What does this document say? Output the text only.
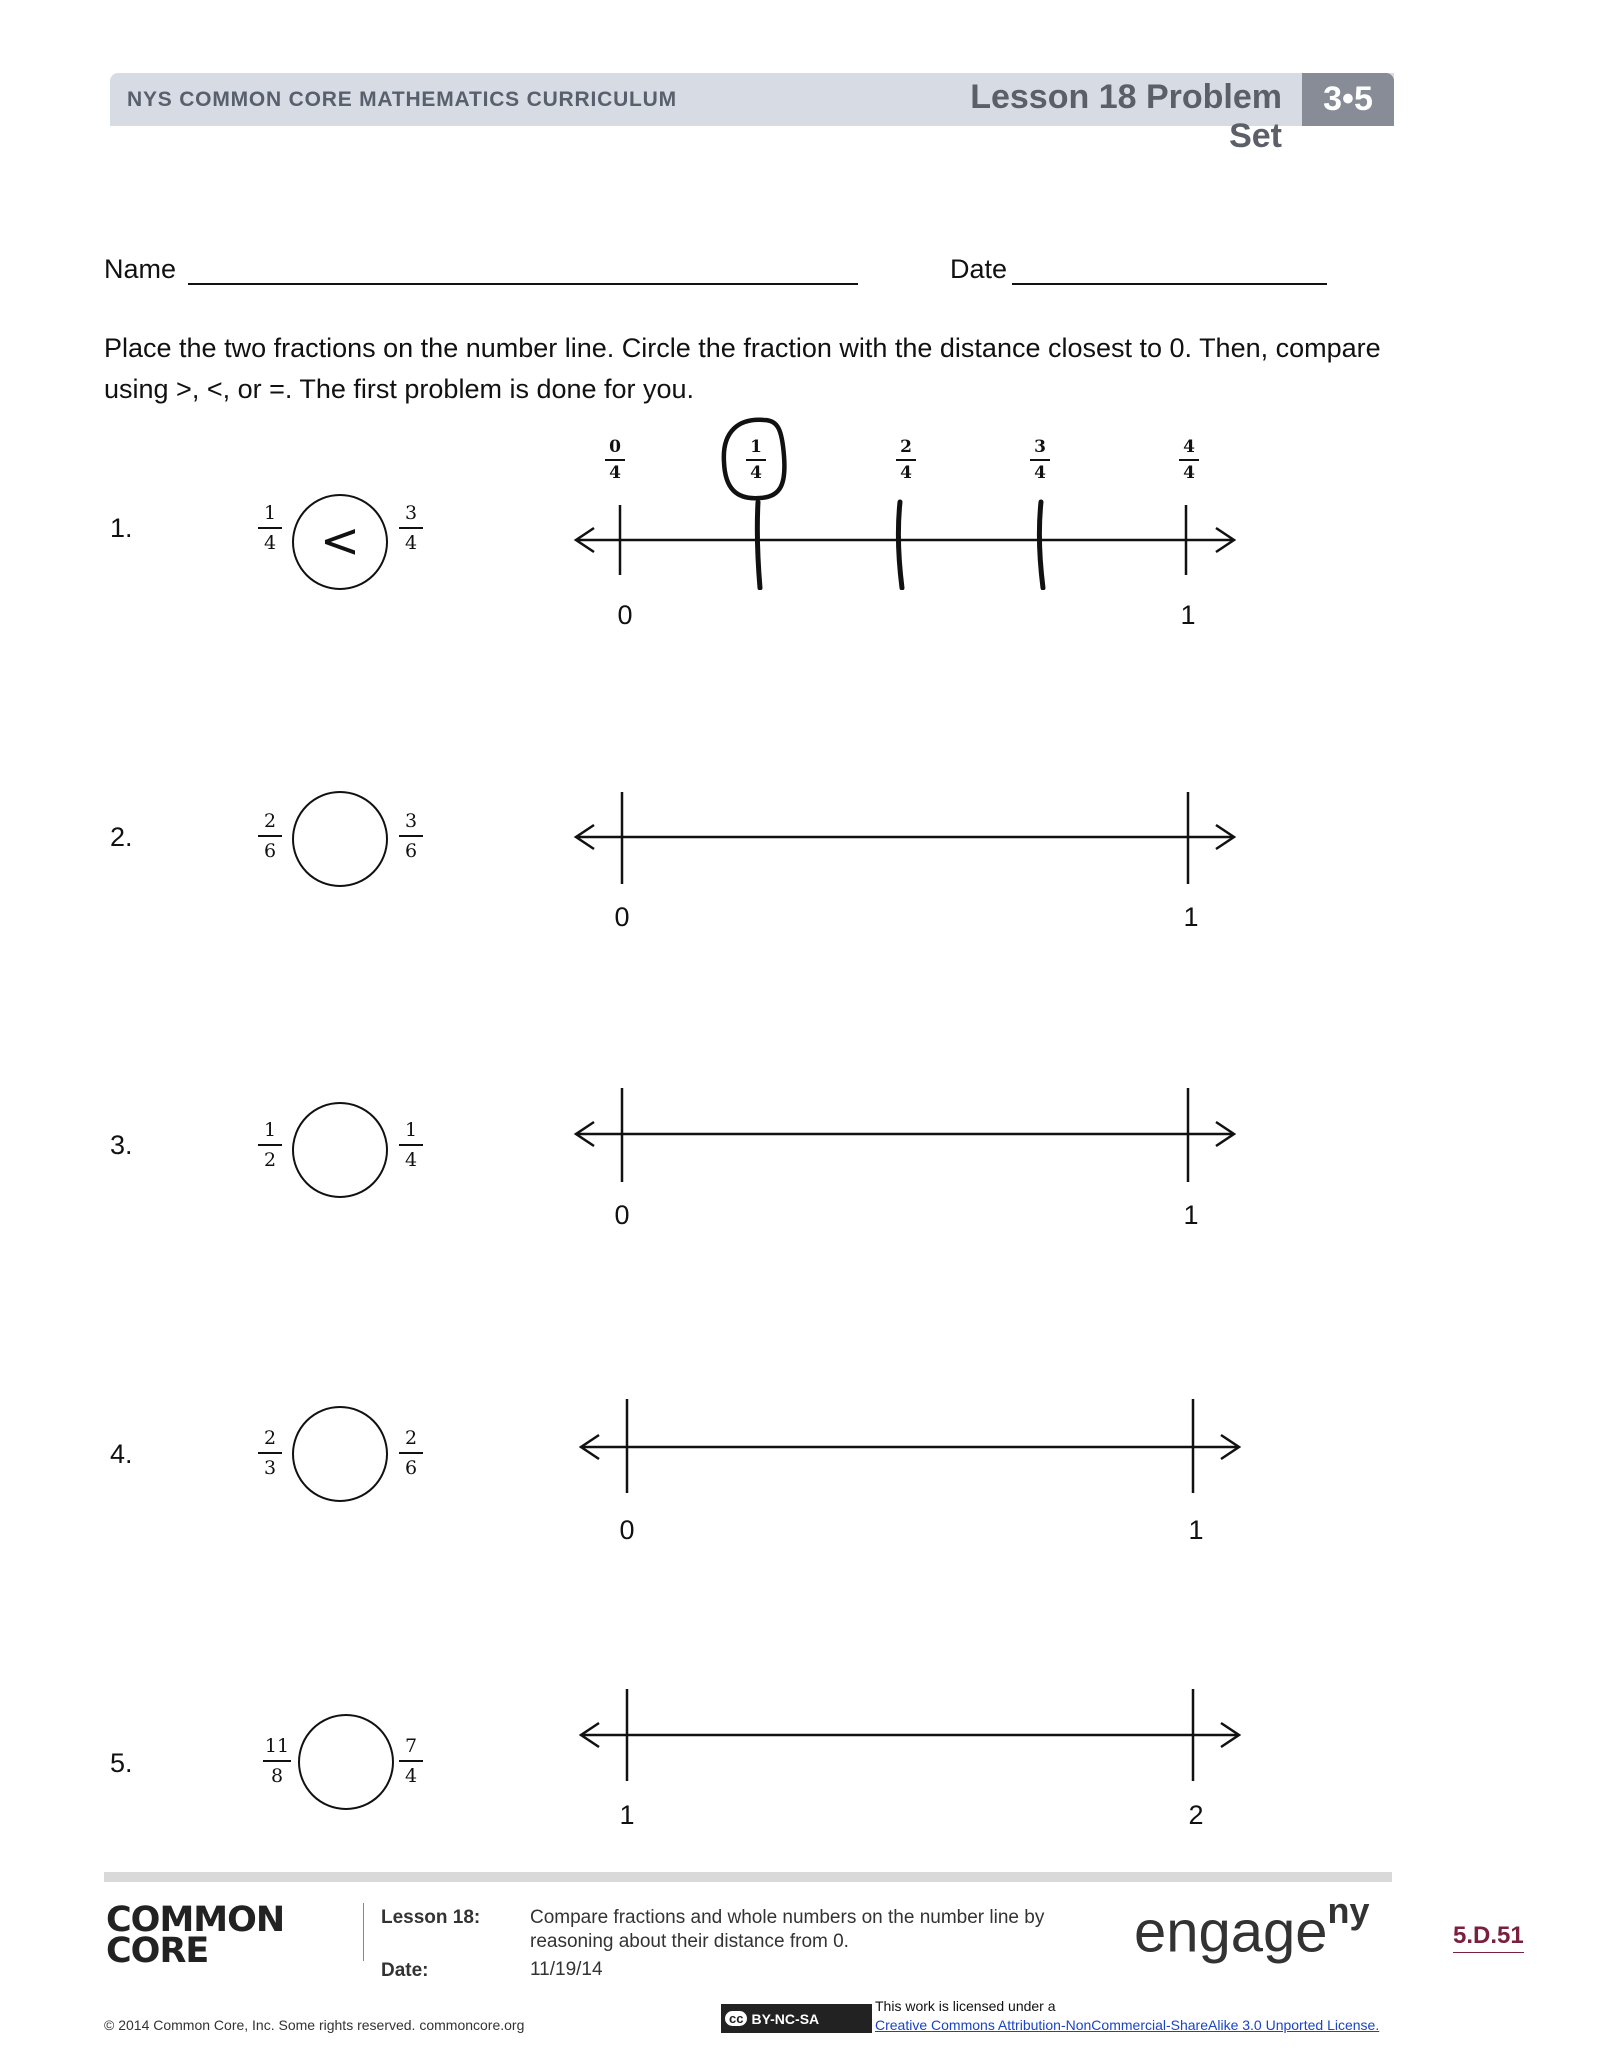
NYS COMMON CORE MATHEMATICS CURRICULUM	Lesson 18 Problem Set
3•5
Name	Date
Place the two fractions on the number line. Circle the fraction with the distance closest to 0. Then, compare
using >, <, or =. The first problem is done for you.
1.	1
4 <	3
4
0	1
0
4
1
4
2
4
3
4
4
4
2.
2
6
3
6
0	1
3.	1
2
1
4
0	1
4.
2
3
2
6
0	1
5.
11
8
7
4
1	2
COMMON
CORE
Lesson 18:	Compare fractions and whole numbers on the number line by
reasoning about their distance from 0.
Date:	11/19/14
engage$^{ny}$
5.D.51
© 2014 Common Core, Inc. Some rights reserved. commoncore.org	cc BY-NC-SA
This work is licensed under a
Creative Commons Attribution-NonCommercial-ShareAlike 3.0 Unported License.
